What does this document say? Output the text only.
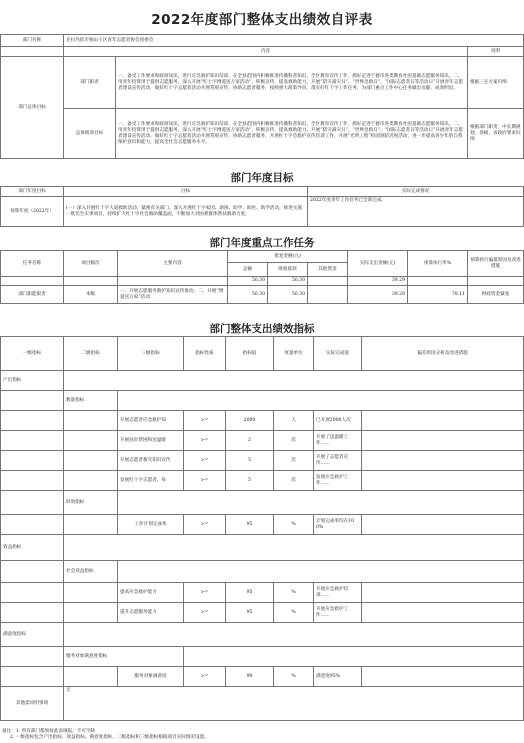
2022年度部门整体支出绩效自评表
部门名称	克拉玛依市独山子区青年志愿者协会团委会		
	内容		说明
部门总体目标	部门职责	一、备受工作要求和联席知识，进行应急救护知识培训，在全县范围内积极推进传播科普知识，全区教育宣传工作，抓好走进宁德市各类教育社团基础志愿服务知识。二、用青年投资用于提供志愿服务，深入开展“红十字博爱送万家活动”，积极宣传，提高救助能力。开展“防灾减灾日”、“世界急救日”、“国际志愿者日等活动日”开展青年志愿者建设宣传活动，做好红十字志愿者活动开展常规宣传，协助志愿者服务，按照重大政策导向，落实好红十字工作任务，为部门重点工作中心任务做出贡献，成效明显。	根据三定方案归纳
	总体绩效目标	一、备受工作要求和联席知识，进行应急救护知识培训，在全县范围内积极推进传播科普知识，全区教育宣传工作，抓好走进宁德市各类教育社团基础志愿服务知识。二、用青年投资用于提供志愿服务，深入开展“红十字博爱送万家活动”，积极宣传，提高救助能力。开展“防灾减灾日”、“世界急救日”、“国际志愿者日等活动日”开展青年志愿者建设宣传活动，做好红十字志愿者活动开展常规宣传，协助志愿者服务，开展红十字会救护宣传培训工作，开展“光明工程”校园预防近视活动，进一步提高青少年的自我保护意识和能力，提高全社会志愿服务水平。	根据部门职责，中长期规划，各级，省政府要求归纳
部门年度目标
部门年度目标	目标	实际完成情况
预算年度（2022年）	(一）深入开展红十字人道救助活动；紧密有关部门，深入开展红十字家园、助困、助学、助医、助学活动，推进实施一批民生实事项目，持续扩大红十字社会救助覆盖面，不断加大对困难群体帮扶救助力度。	2022年度青年工作任务已全部完成。
部门年度重点工作任务
任务名称	项目级次	主要内容	批复金额(元)			实际支出金额(元)	预算执行率%	预算执行偏低原因及改进措施
			总额	财政拨款	其他资金			
			50.30	50.30		39.29		
部门职能职责	本级	一、开展志愿服务救护知识宣传推动；二、开展“博爱送万家”活动	50.30	50.30		39.29	78.11	财政资金紧张
部门整体支出绩效指标
一级指标	二级指标	三级指标	指标性质	指标值	度量单位	实际完成值	偏差原因分析及改进措施
产出指标							
	数量指标						
		开展志愿者应急救护知	>=	2000	人	已开展2000人次	
		开展扶贫帮困和送温暖	>=	2	次	开展了送温暖工作……	
		开展志愿者救灾知识宣传	>=	5	次	开展了志愿者宣传……	
		发展红十字志愿者，每	>=	5	次	发展应急救护工作……	
	时效指标						
		工作计划完成率	>=	95	%	计划完成率均在100%	
效益指标							
	社会效益指标						
		提高应急救护能力	>=	95	%	开展应急救护培训……	
		提升志愿服务能力	>=	95	%	开展应急救护工作……	
满意度指标							
	服务对象满意度指标						
		服务对象满意度	>=	90	%	满意度95%	
其他需说明事项	无						
备注：1. 所有部门都须按此表填报，不可空缺
2. 一级指标包含产出指标、效益指标、满意度指标，二级指标和三级指标根据项目实际情况设置。
